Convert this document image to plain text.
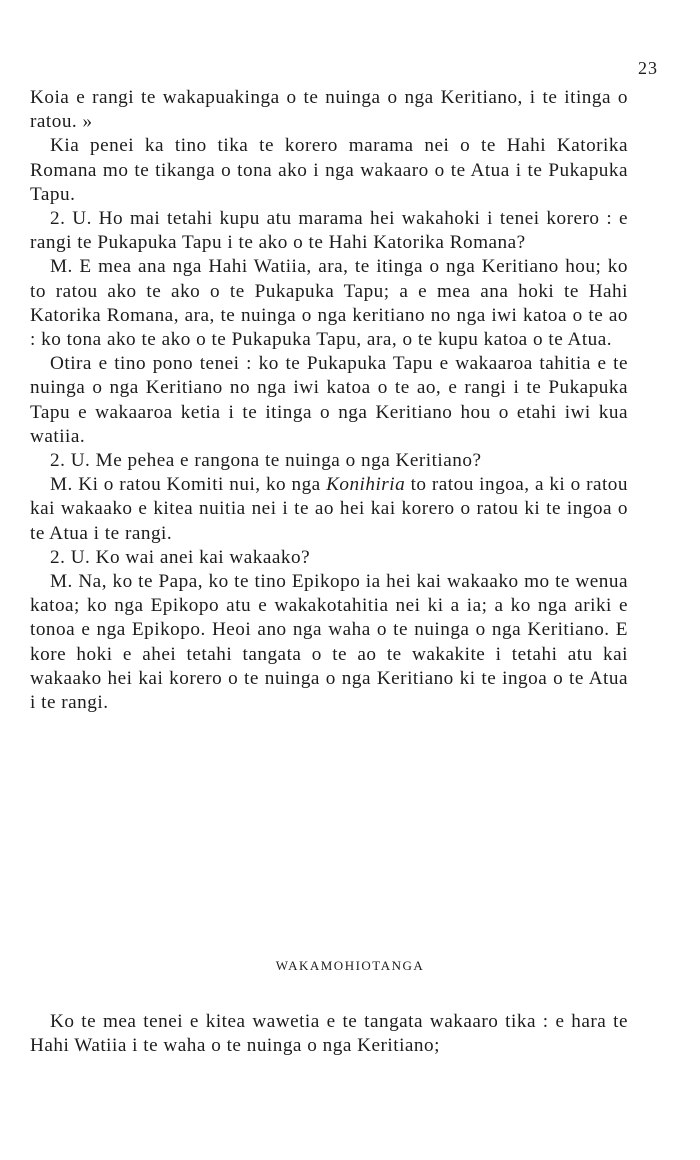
23

Koia e rangi te wakapuakinga o te nuinga o nga Keritiano, i te itinga o ratou. »

Kia penei ka tino tika te korero marama nei o te Hahi Katorika Romana mo te tikanga o tona ako i nga wakaaro o te Atua i te Pukapuka Tapu.

2. U. Ho mai tetahi kupu atu marama hei wakahoki i tenei korero : e rangi te Pukapuka Tapu i te ako o te Hahi Katorika Romana?

M. E mea ana nga Hahi Watiia, ara, te itinga o nga Keritiano hou; ko to ratou ako te ako o te Pukapuka Tapu; a e mea ana hoki te Hahi Katorika Romana, ara, te nuinga o nga keritiano no nga iwi katoa o te ao : ko tona ako te ako o te Pukapuka Tapu, ara, o te kupu katoa o te Atua.

Otira e tino pono tenei : ko te Pukapuka Tapu e wakaaroa tahitia e te nuinga o nga Keritiano no nga iwi katoa o te ao, e rangi i te Pukapuka Tapu e wakaaroa ketia i te itinga o nga Keritiano hou o etahi iwi kua watiia.

2. U. Me pehea e rangona te nuinga o nga Keritiano?

M. Ki o ratou Komiti nui, ko nga Konihiria to ratou ingoa, a ki o ratou kai wakaako e kitea nuitia nei i te ao hei kai korero o ratou ki te ingoa o te Atua i te rangi.

2. U. Ko wai anei kai wakaako?

M. Na, ko te Papa, ko te tino Epikopo ia hei kai wakaako mo te wenua katoa; ko nga Epikopo atu e wakakotahitia nei ki a ia; a ko nga ariki e tonoa e nga Epikopo. Heoi ano nga waha o te nuinga o nga Keritiano. E kore hoki e ahei tetahi tangata o te ao te wakakite i tetahi atu kai wakaako hei kai korero o te nuinga o nga Keritiano ki te ingoa o te Atua i te rangi.

WAKAMOHIOTANGA

Ko te mea tenei e kitea wawetia e te tangata wakaaro tika : e hara te Hahi Watiia i te waha o te nuinga o nga Keritiano;
